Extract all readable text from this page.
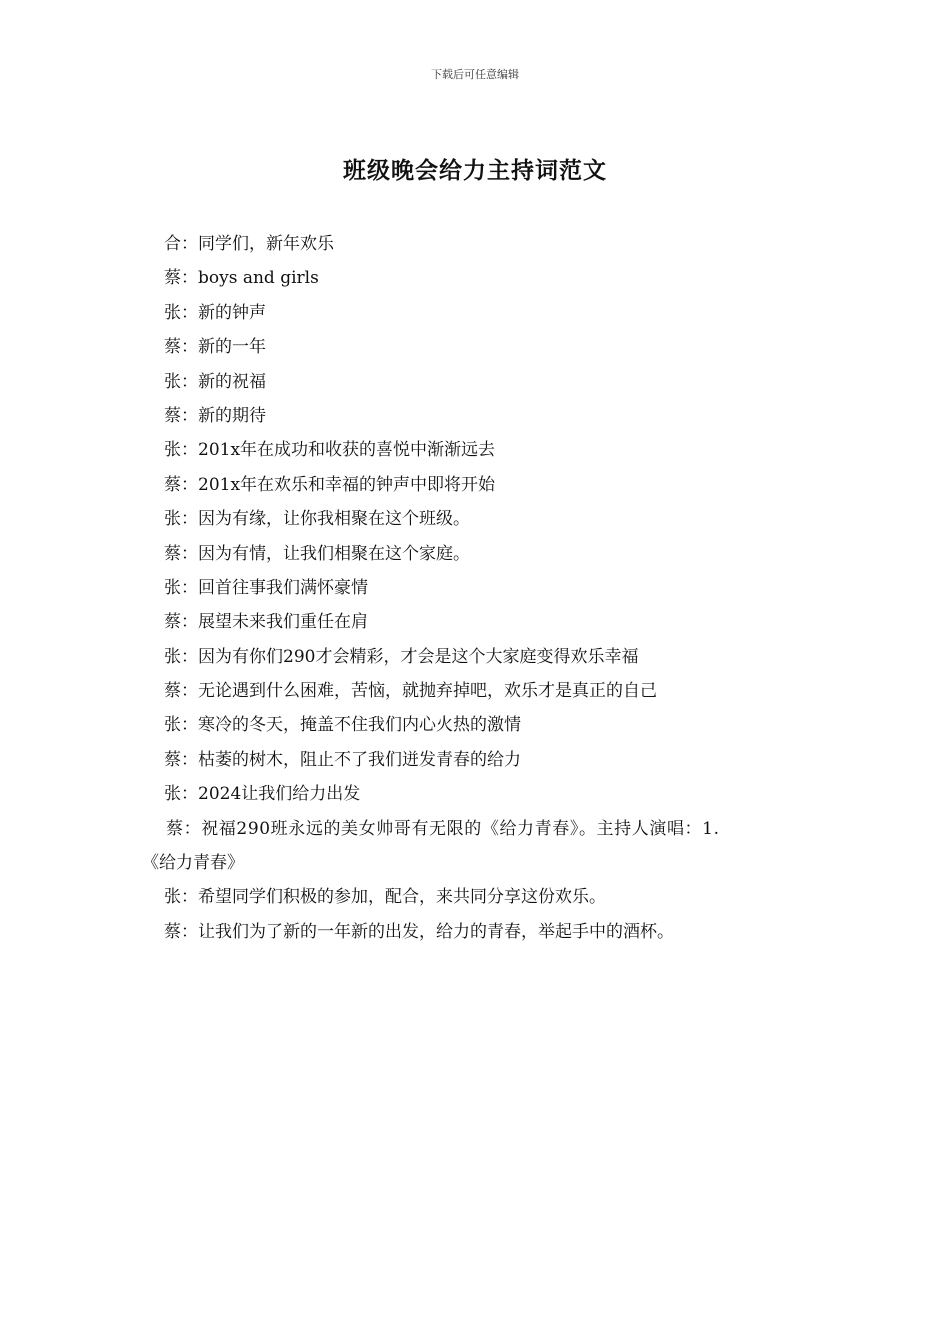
下载后可任意编辑
班级晚会给力主持词范文
合：同学们，新年欢乐
蔡：boys and girls
张：新的钟声
蔡：新的一年
张：新的祝福
蔡：新的期待
张：201x年在成功和收获的喜悦中渐渐远去
蔡：201x年在欢乐和幸福的钟声中即将开始
张：因为有缘，让你我相聚在这个班级。
蔡：因为有情，让我们相聚在这个家庭。
张：回首往事我们满怀豪情
蔡：展望未来我们重任在肩
张：因为有你们290才会精彩，才会是这个大家庭变得欢乐幸福
蔡：无论遇到什么困难，苦恼，就抛弃掉吧，欢乐才是真正的自己
张：寒冷的冬天，掩盖不住我们内心火热的激情
蔡：枯萎的树木，阻止不了我们迸发青春的给力
张：2024让我们给力出发
蔡：祝福290班永远的美女帅哥有无限的《给力青春》。主持人演唱：1.
《给力青春》
张：希望同学们积极的参加，配合，来共同分享这份欢乐。
蔡：让我们为了新的一年新的出发，给力的青春，举起手中的酒杯。
